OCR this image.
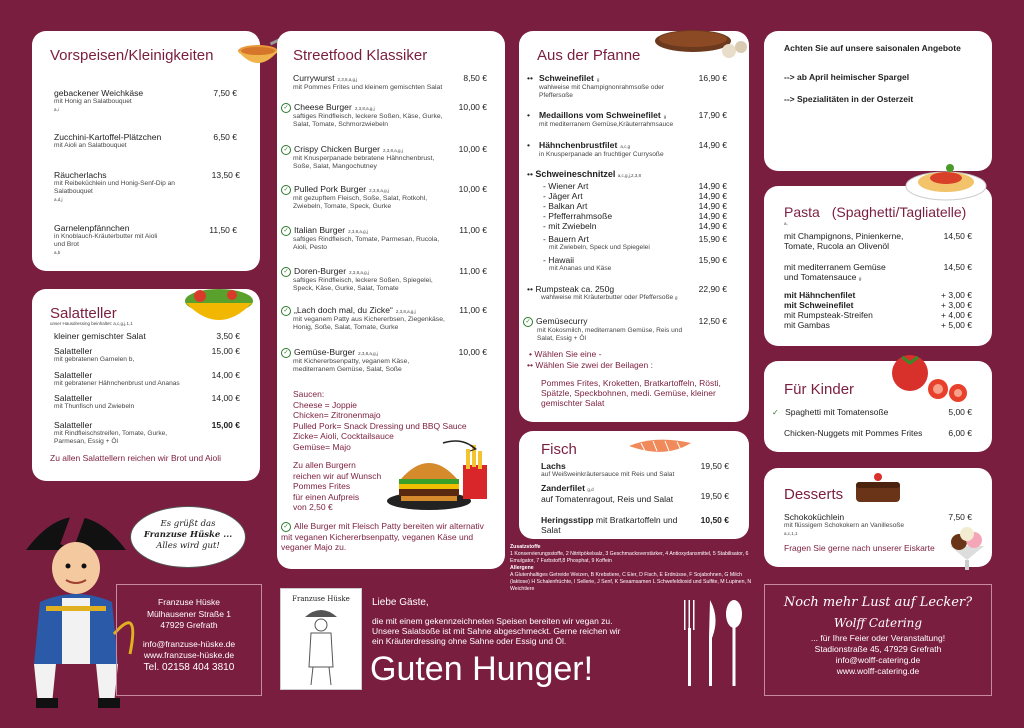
Vorspeisen/Kleinigkeiten
gebackener Weichkäse
mit Honig an Salatbouquet
a,i
7,50 €
Zucchini-Kartoffel-Plätzchen
mit Aioli an Salatbouquet
6,50 €
Räucherlachs
mit Reibeküchlein und Honig-Senf-Dip an Salatbouquet
a,d,j
13,50 €
Garnelenpfännchen
in Knoblauch-Kräuterbutter mit Aioli und Brot
a,b
11,50 €
Salatteller
unser Hausdressing beinhaltet: a,c,g,j,1,1
kleiner gemischter Salat	3,50 €
Salatteller
mit gebratenen Garnelen b,
15,00 €
Salatteller
mit gebratener Hähnchenbrust und Ananas
14,00 €
Salatteller
mit Thunfisch und Zwiebeln
14,00 €
Salatteller
mit Rindfleischstreifen, Tomate, Gurke, Parmesan, Essig + Öl
15,00 €
Zu allen Salattellern reichen wir Brot und Aioli
Streetfood Klassiker
Currywurst 2,3,8,a,g,j
mit Pommes Frites und kleinem gemischten Salat
8,50 €
✓ Cheese Burger 2,3,8,a,g,j
saftiges Rindfleisch, leckere Soßen, Käse, Gurke, Salat, Tomate, Schmorzwiebeln
10,00 €
✓ Crispy Chicken Burger 2,3,8,a,g,j
mit Knusperpanade bebratene Hähnchenbrust, Soße, Salat, Mangochutney
10,00 €
✓ Pulled Pork Burger 2,3,8,a,g,j
mit gezupftem Fleisch, Soße, Salat, Rotkohl, Zwiebeln, Tomate, Speck, Gurke
10,00 €
✓ Italian Burger 2,3,8,a,g,j
saftiges Rindfleisch, Tomate, Parmesan, Rucola, Aioli, Pesto
11,00 €
✓ Doren-Burger 2,3,8,a,g,j
saftiges Rindfleisch, leckere Soßen, Spiegelei, Speck, Käse, Gurke, Salat, Tomate
11,00 €
✓ „Lach doch mal, du Zicke“ 2,3,8,a,g,j
mit veganem Patty aus Kichererbsen, Ziegenkäse, Honig, Soße, Salat, Tomate, Gurke
11,00 €
✓ Gemüse-Burger 2,3,8,a,g,j
mit Kichererbsenpatty, veganem Käse, mediterranem Gemüse, Salat, Soße
10,00 €
Saucen:
Cheese = Joppie
Chicken= Zitronenmajo
Pulled Pork= Snack Dressing und BBQ Sauce
Zicke= Aioli, Cocktailsauce
Gemüse= Majo
Zu allen Burgern
reichen wir auf Wunsch
Pommes Frites
für einen Aufpreis
von 2,50 €
✓ Alle Burger mit Fleisch Patty bereiten wir alternativ mit veganen Kichererbsenpatty, veganen Käse und veganer Majo zu.
Aus der Pfanne
•• Schweinefilet g
wahlweise mit Champignonrahmsoße oder Pfeffersoße
16,90 €
• Medaillons vom Schweinefilet g
mit mediterranem Gemüse,Kräuterrahmsauce
17,90 €
• Hähnchenbrustfilet a,c,g
in Knusperpanade an fruchtiger Currysoße
14,90 €
•• Schweineschnitzel a,c,g,j,2,3,8
- Wiener Art	14,90 €
- Jäger Art	14,90 €
- Balkan Art	14,90 €
- Pfefferrahmsoße	14,90 €
- mit Zwiebeln	14,90 €
- Bauern Art
mit Zwiebeln, Speck und Spiegelei
15,90 €
- Hawaii
mit Ananas und Käse
15,90 €
•• Rumpsteak ca. 250g
wahlweise mit Kräuterbutter oder Pfeffersoße g
22,90 €
✓ Gemüsecurry
mit Kokosmilch, mediterranem Gemüse, Reis und Salat, Essig + Öl
12,50 €
• Wählen Sie eine -
•• Wählen Sie zwei der Beilagen :
Pommes Frites, Kroketten, Bratkartoffeln, Rösti, Spätzle, Speckbohnen, medi. Gemüse, kleiner gemischter Salat
Fisch
Lachs
auf Weißweinkräutersauce mit Reis und Salat
19,50 €
Zanderfilet g,d
auf Tomatenragout, Reis und Salat	19,50 €
Heringsstipp mit Bratkartoffeln und Salat
10,50 €
Achten Sie auf unsere saisonalen Angebote
--> ab April heimischer Spargel
--> Spezialitäten in der Osterzeit
Pasta (Spaghetti/Tagliatelle)
a,
mit Champignons, Pinienkerne, Tomate, Rucola an Olivenöl
14,50 €
mit mediterranem Gemüse und Tomatensauce g
14,50 €
mit Hähnchenfilet	+ 3,00 €
mit Schweinefilet	+ 3,00 €
mit Rumpsteak-Streifen	+ 4,00 €
mit Gambas	+ 5,00 €
Für Kinder
✓ Spaghetti mit Tomatensoße	5,00 €
Chicken-Nuggets mit Pommes Frites	6,00 €
Desserts
Schokoküchlein
mit flüssigem Schokokern an Vanillesoße
a,c,1,1
7,50 €
Fragen Sie gerne nach unserer Eiskarte
Es grüßt das
Franzuse Hüske ...
Alles wird gut!
Franzuse Hüske
Mülhausener Straße 1
47929 Grefrath
info@franzuse-hüske.de
www.franzuse-hüske.de
Tel. 02158 404 3810
Franzuse Hüske	Liebe Gäste,
die mit einem gekennzeichneten Speisen bereiten wir vegan zu. Unsere Salatsoße ist mit Sahne abgeschmeckt. Gerne reichen wir ein Kräuterdressing ohne Sahne oder Essig und Öl.
Guten Hunger!
Zusatzstoffe
1 Konservierungsstoffe, 2 Nitritpökelsalz, 3 Geschmacksverstärker, 4 Antioxydansmittel, 5 Stabilisator, 6 Emulgator, 7 Farbstoff,8 Phosphat, 9 Koffein
Allergene
A Glutenhaltiges Getreide Weizen, B Krebstiere, C Eier, D Fisch, E Erdnüsse, F Sojabohnen, G Milch (laktose) H Schalenfrüchte, I Sellerie, J Senf, K Sesamsamen L Schwefeldioxid und Sulfite, M Lupinen, N Weichtiere
Noch mehr Lust auf Lecker?
Wolff Catering
... für Ihre Feier oder Veranstaltung!
Stadionstraße 45, 47929 Grefrath
info@wolff-catering.de
www.wolff-catering.de
